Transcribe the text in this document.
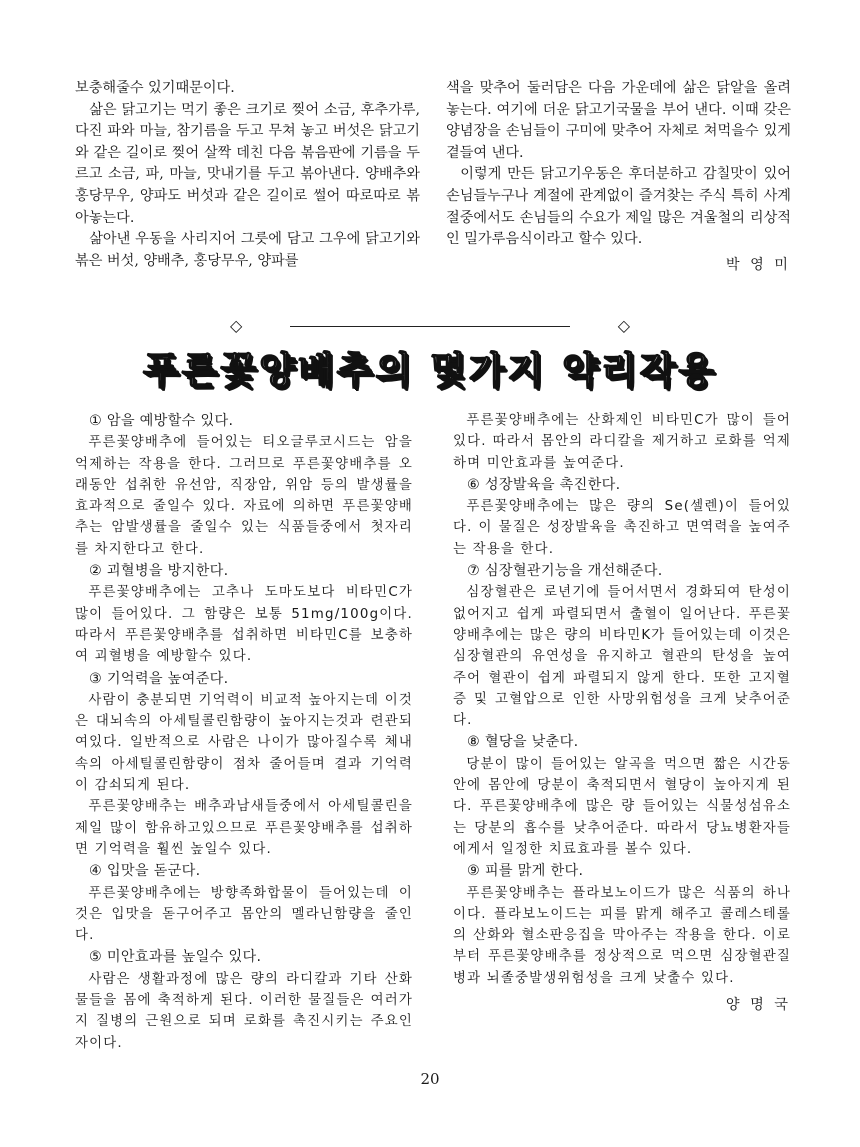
보충해줄수 있기때문이다.

삶은 닭고기는 먹기 좋은 크기로 찢어 소금, 후추가루, 다진 파와 마늘, 참기름을 두고 무쳐 놓고 버섯은 닭고기와 같은 길이로 찢어 살짝 데친 다음 볶음판에 기름을 두르고 소금, 파, 마늘, 맛내기를 두고 볶아낸다. 양배추와 홍당무우, 양파도 버섯과 같은 길이로 썰어 따로따로 볶아놓는다.

삶아낸 우동을 사리지어 그릇에 담고 그우에 닭고기와 볶은 버섯, 양배추, 홍당무우, 양파를

색을 맞추어 둘러담은 다음 가운데에 삶은 닭알을 올려놓는다. 여기에 더운 닭고기국물을 부어 낸다. 이때 갖은양념장을 손님들이 구미에 맞추어 자체로 쳐먹을수 있게 곁들여 낸다.

이렇게 만든 닭고기우동은 후더분하고 감칠맛이 있어 손님들누구나 계절에 관계없이 즐겨찾는 주식 특히 사계절중에서도 손님들의 수요가 제일 많은 겨울철의 리상적인 밀가루음식이라고 할수 있다.

박 영 미

◇	◇
푸른꽃양배추의 몇가지 약리작용

① 암을 예방할수 있다.

푸른꽃양배추에 들어있는 티오글루코시드는 암을 억제하는 작용을 한다. 그러므로 푸른꽃양배추를 오래동안 섭취한 유선암, 직장암, 위암 등의 발생률을 효과적으로 줄일수 있다. 자료에 의하면 푸른꽃양배추는 암발생률을 줄일수 있는 식품들중에서 첫자리를 차지한다고 한다.

② 괴혈병을 방지한다.

푸른꽃양배추에는 고추나 도마도보다 비타민C가 많이 들어있다. 그 함량은 보통 51mg/100g이다. 따라서 푸른꽃양배추를 섭취하면 비타민C를 보충하여 괴혈병을 예방할수 있다.

③ 기억력을 높여준다.

사람이 충분되면 기억력이 비교적 높아지는데 이것은 대뇌속의 아세틸콜린함량이 높아지는것과 련관되여있다. 일반적으로 사람은 나이가 많아질수록 체내속의 아세틸콜린함량이 점차 줄어들며 결과 기억력이 감쇠되게 된다.

푸른꽃양배추는 배추과남새들중에서 아세틸콜린을 제일 많이 함유하고있으므로 푸른꽃양배추를 섭취하면 기억력을 훨씬 높일수 있다.

④ 입맛을 돋군다.

푸른꽃양배추에는 방향족화합물이 들어있는데 이것은 입맛을 돋구어주고 몸안의 멜라닌함량을 줄인다.

⑤ 미안효과를 높일수 있다.

사람은 생활과정에 많은 량의 라디칼과 기타 산화물들을 몸에 축적하게 된다. 이러한 물질들은 여러가지 질병의 근원으로 되며 로화를 촉진시키는 주요인자이다.

푸른꽃양배추에는 산화제인 비타민C가 많이 들어있다. 따라서 몸안의 라디칼을 제거하고 로화를 억제하며 미안효과를 높여준다.

⑥ 성장발육을 촉진한다.

푸른꽃양배추에는 많은 량의 Se(셀렌)이 들어있다. 이 물질은 성장발육을 촉진하고 면역력을 높여주는 작용을 한다.

⑦ 심장혈관기능을 개선해준다.

심장혈관은 로년기에 들어서면서 경화되여 탄성이 없어지고 쉽게 파렬되면서 출혈이 일어난다. 푸른꽃양배추에는 많은 량의 비타민K가 들어있는데 이것은 심장혈관의 유연성을 유지하고 혈관의 탄성을 높여주어 혈관이 쉽게 파렬되지 않게 한다. 또한 고지혈증 및 고혈압으로 인한 사망위험성을 크게 낮추어준다.

⑧ 혈당을 낮춘다.

당분이 많이 들어있는 알곡을 먹으면 짧은 시간동안에 몸안에 당분이 축적되면서 혈당이 높아지게 된다. 푸른꽃양배추에 많은 량 들어있는 식물성섬유소는 당분의 흡수를 낮추어준다. 따라서 당뇨병환자들에게서 일정한 치료효과를 볼수 있다.

⑨ 피를 맑게 한다.

푸른꽃양배추는 플라보노이드가 많은 식품의 하나이다. 플라보노이드는 피를 맑게 해주고 콜레스테롤의 산화와 혈소판응집을 막아주는 작용을 한다. 이로부터 푸른꽃양배추를 정상적으로 먹으면 심장혈관질병과 뇌졸중발생위험성을 크게 낮출수 있다.

양 명 국

20
